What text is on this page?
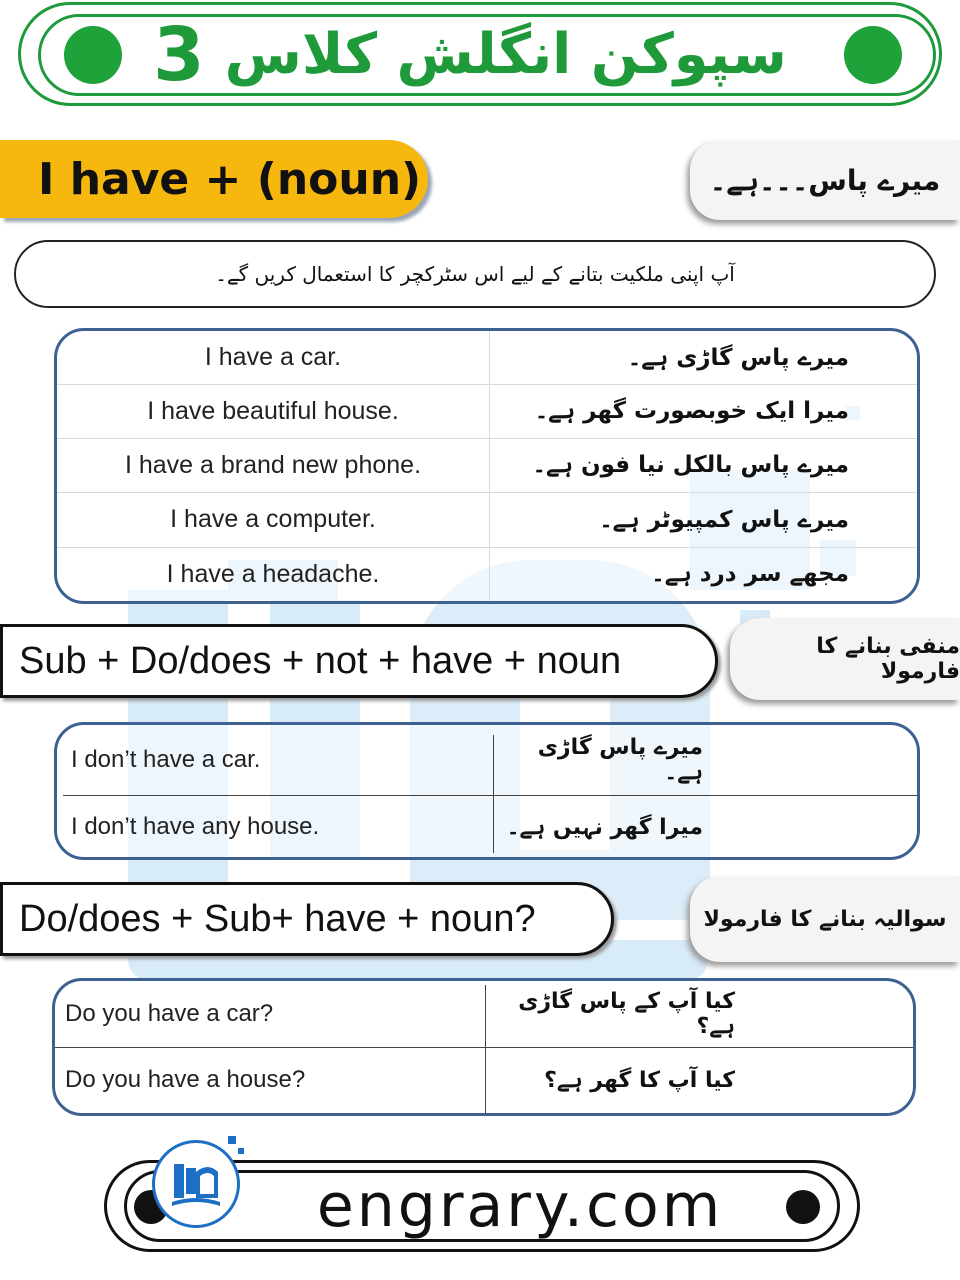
3 سپوکن انگلش کلاس
I have + (noun)	میرے پاس۔۔۔ہے۔
آپ اپنی ملکیت بتانے کے لیے اس سٹرکچر کا استعمال کریں گے۔
I have a car.	میرے پاس گاڑی ہے۔
I have beautiful house.	میرا ایک خوبصورت گھر ہے۔
I have a brand new phone.	میرے پاس بالکل نیا فون ہے۔
I have a computer.	میرے پاس کمپیوٹر ہے۔
I have a headache.	مجھے سر درد ہے۔
Sub + Do/does + not + have + noun	منفی بنانے کا فارمولا
I don’t have a car.	میرے پاس گاڑی ہے۔
I don’t have any house.	میرا گھر نہیں ہے۔
Do/does + Sub+ have + noun?	سوالیہ بنانے کا فارمولا
Do you have a car?	کیا آپ کے پاس گاڑی ہے؟
Do you have a house?	کیا آپ کا گھر ہے؟
engrary.com
